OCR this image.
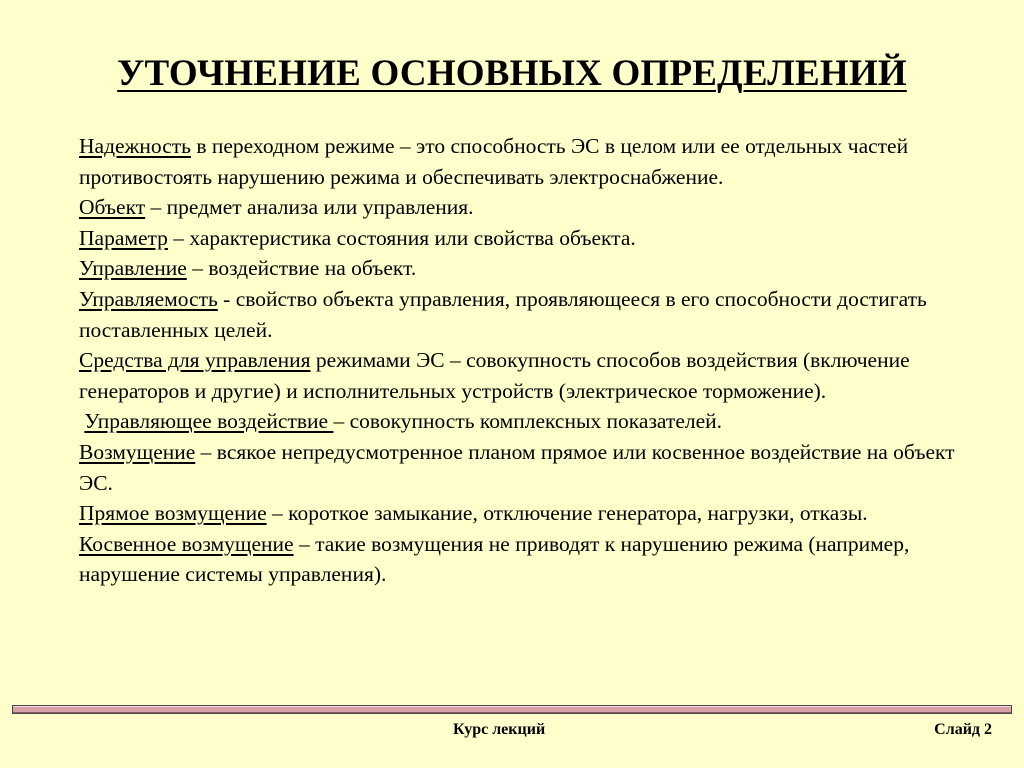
УТОЧНЕНИЕ ОСНОВНЫХ ОПРЕДЕЛЕНИЙ

Надежность в переходном режиме – это способность ЭС в целом или ее отдельных частей противостоять нарушению режима и обеспечивать электроснабжение.

Объект – предмет анализа или управления.

Параметр – характеристика состояния или свойства объекта.

Управление – воздействие на объект.

Управляемость - свойство объекта управления, проявляющееся в его способности достигать поставленных целей.

Средства для управления режимами ЭС – совокупность способов воздействия (включение генераторов и другие) и исполнительных устройств (электрическое торможение).

Управляющее воздействие – совокупность комплексных показателей.

Возмущение – всякое непредусмотренное планом прямое или косвенное воздействие на объект ЭС.

Прямое возмущение – короткое замыкание, отключение генератора, нагрузки, отказы.

Косвенное возмущение – такие возмущения не приводят к нарушению режима (например, нарушение системы управления).

Курс лекций	Слайд 2
